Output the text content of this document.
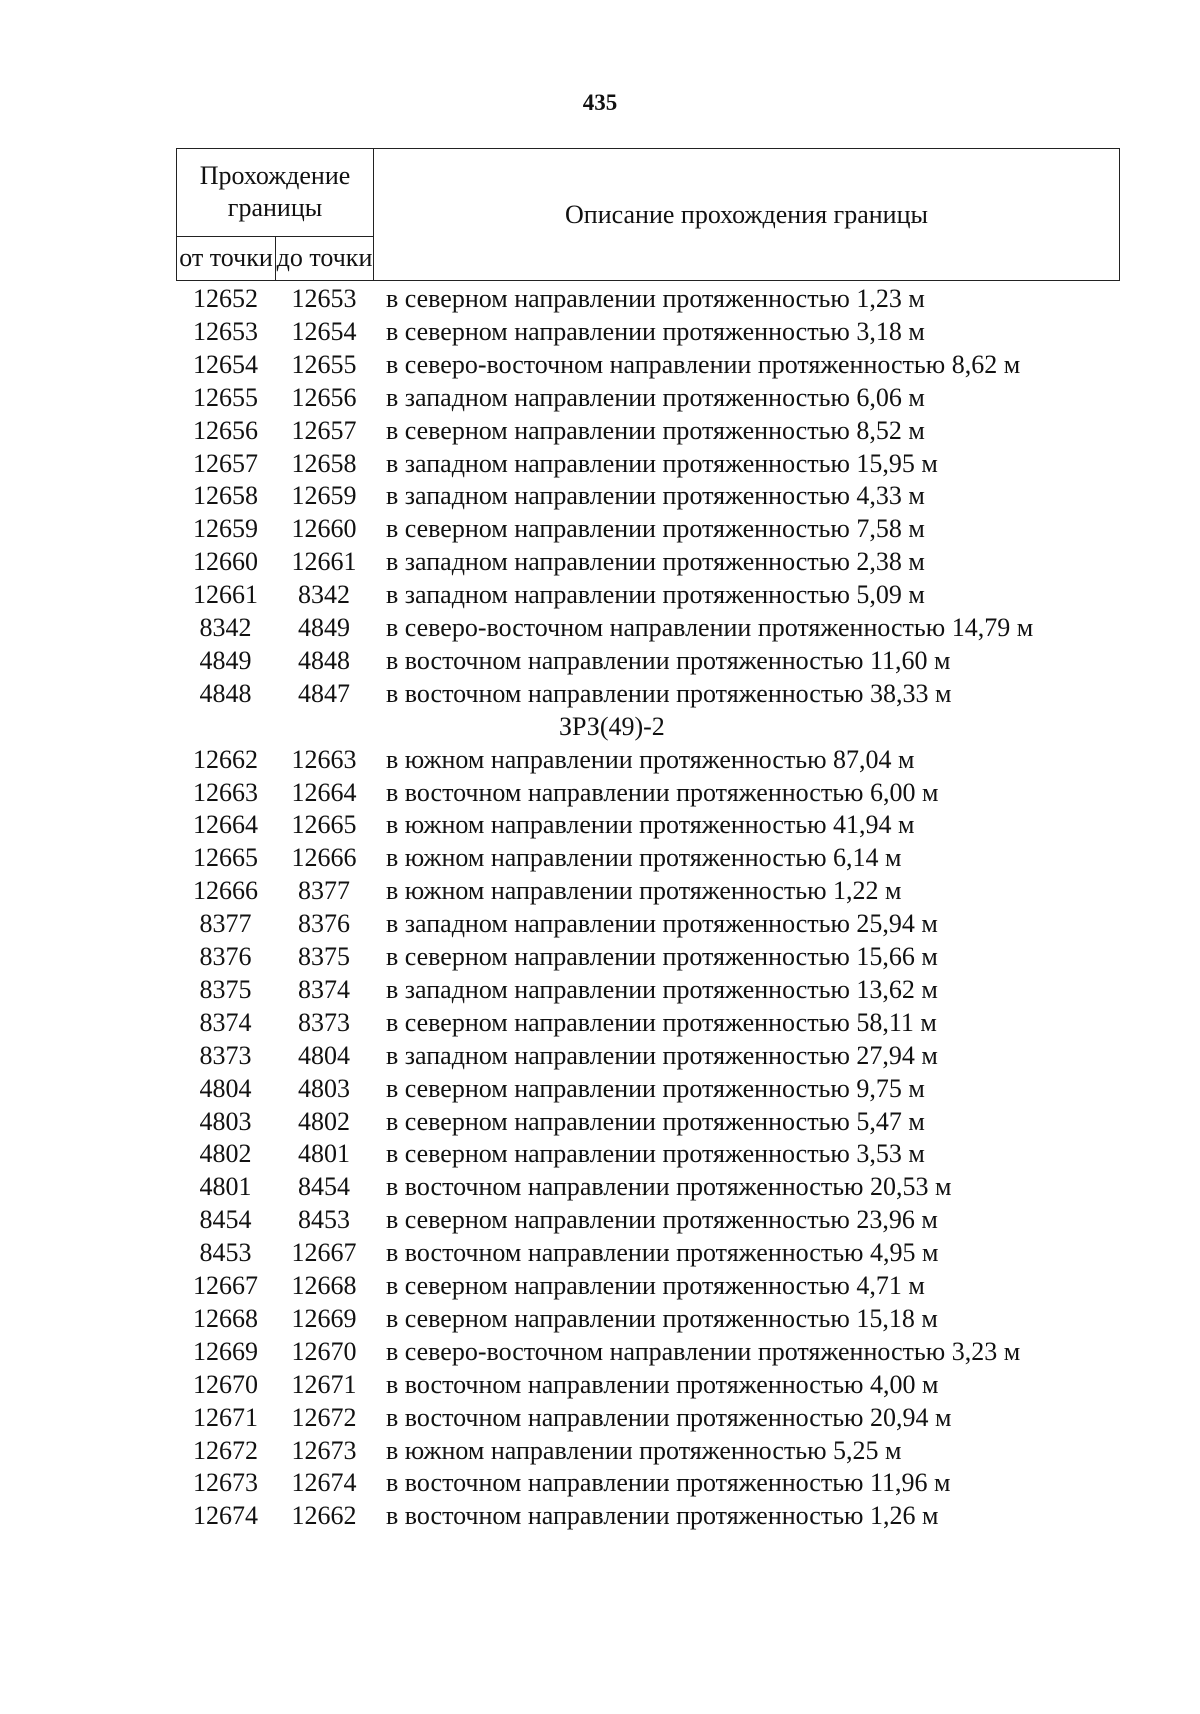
435
Прохождение границы		Описание прохождения границы
от точки	до точки	
12652	12653	в северном направлении протяженностью 1,23 м
12653	12654	в северном направлении протяженностью 3,18 м
12654	12655	в северо-восточном направлении протяженностью 8,62 м
12655	12656	в западном направлении протяженностью 6,06 м
12656	12657	в северном направлении протяженностью 8,52 м
12657	12658	в западном направлении протяженностью 15,95 м
12658	12659	в западном направлении протяженностью 4,33 м
12659	12660	в северном направлении протяженностью 7,58 м
12660	12661	в западном направлении протяженностью 2,38 м
12661	8342	в западном направлении протяженностью 5,09 м
8342	4849	в северо-восточном направлении протяженностью 14,79 м
4849	4848	в восточном направлении протяженностью 11,60 м
4848	4847	в восточном направлении протяженностью 38,33 м
12662	12663	в южном направлении протяженностью 87,04 м
12663	12664	в восточном направлении протяженностью 6,00 м
12664	12665	в южном направлении протяженностью 41,94 м
12665	12666	в южном направлении протяженностью 6,14 м
12666	8377	в южном направлении протяженностью 1,22 м
8377	8376	в западном направлении протяженностью 25,94 м
8376	8375	в северном направлении протяженностью 15,66 м
8375	8374	в западном направлении протяженностью 13,62 м
8374	8373	в северном направлении протяженностью 58,11 м
8373	4804	в западном направлении протяженностью 27,94 м
4804	4803	в северном направлении протяженностью 9,75 м
4803	4802	в северном направлении протяженностью 5,47 м
4802	4801	в северном направлении протяженностью 3,53 м
4801	8454	в восточном направлении протяженностью 20,53 м
8454	8453	в северном направлении протяженностью 23,96 м
8453	12667	в восточном направлении протяженностью 4,95 м
12667	12668	в северном направлении протяженностью 4,71 м
12668	12669	в северном направлении протяженностью 15,18 м
12669	12670	в северо-восточном направлении протяженностью 3,23 м
12670	12671	в восточном направлении протяженностью 4,00 м
12671	12672	в восточном направлении протяженностью 20,94 м
12672	12673	в южном направлении протяженностью 5,25 м
12673	12674	в восточном направлении протяженностью 11,96 м
12674	12662	в восточном направлении протяженностью 1,26 м
ЗРЗ(49)-2
